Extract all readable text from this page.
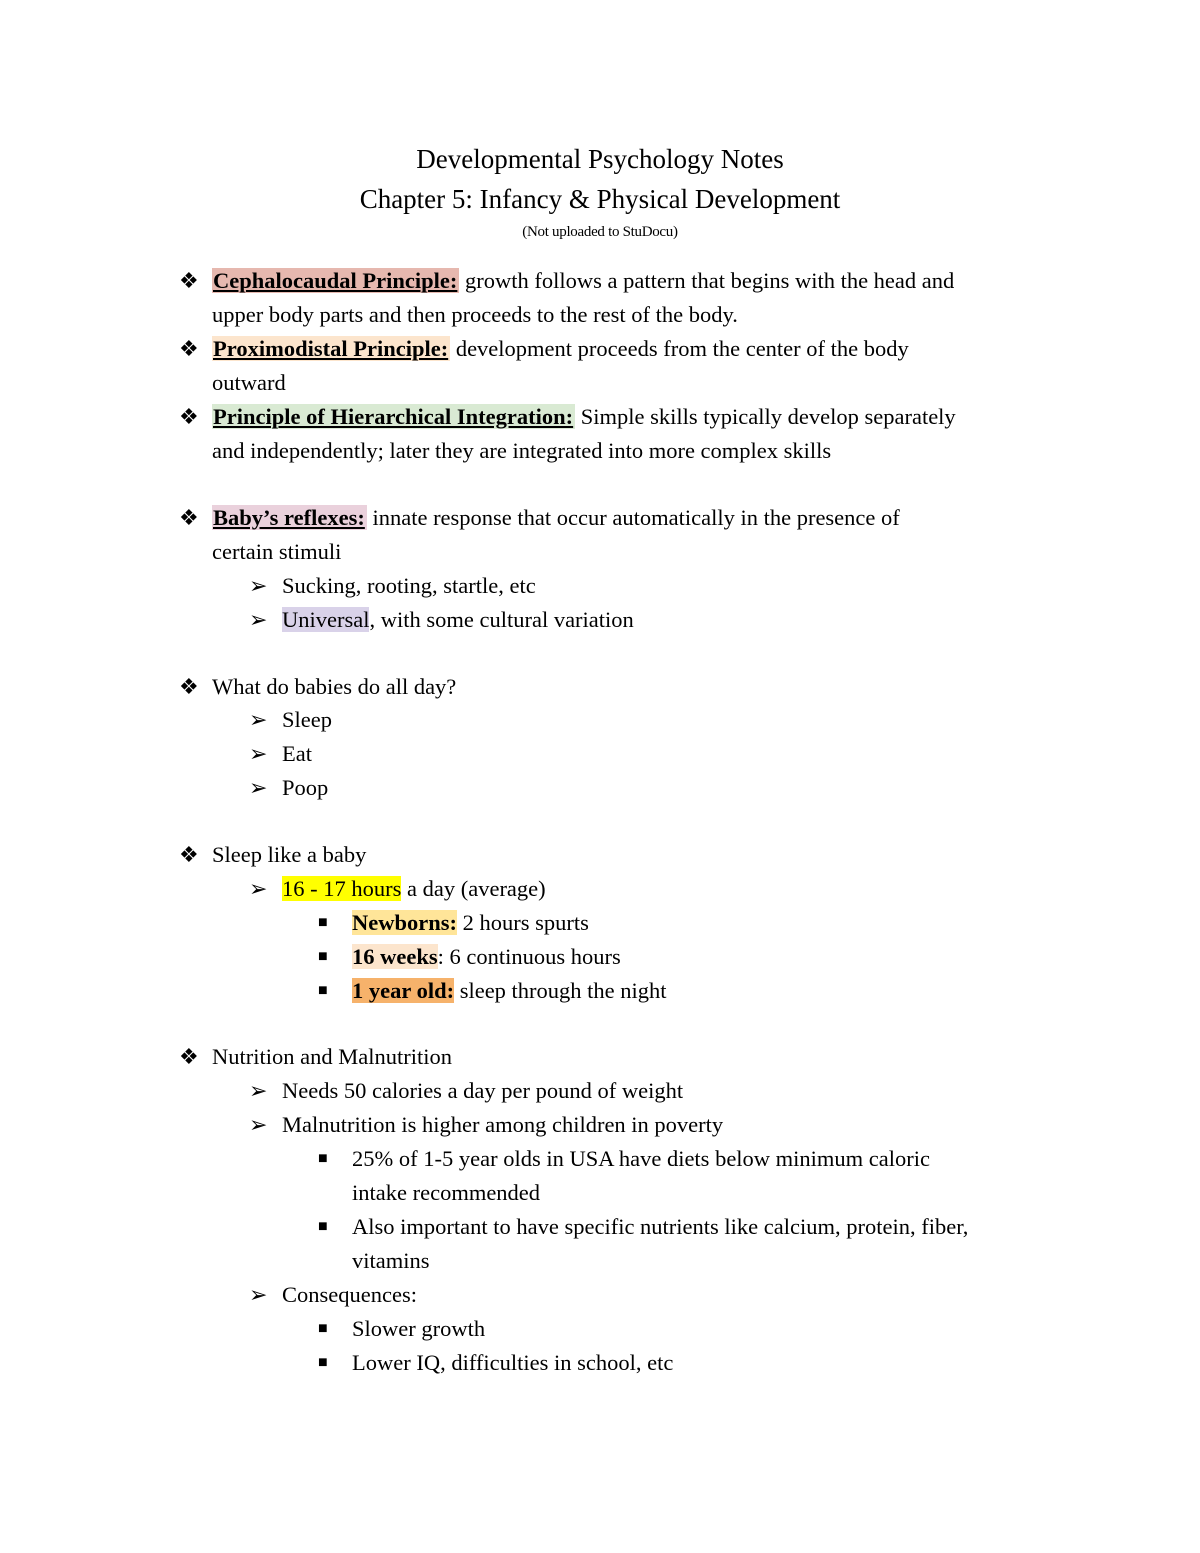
Developmental Psychology Notes
Chapter 5: Infancy & Physical Development
(Not uploaded to StuDocu)
❖ Cephalocaudal Principle: growth follows a pattern that begins with the head and
upper body parts and then proceeds to the rest of the body.
❖ Proximodistal Principle: development proceeds from the center of the body
outward
❖ Principle of Hierarchical Integration: Simple skills typically develop separately
and independently; later they are integrated into more complex skills
❖ Baby’s reflexes: innate response that occur automatically in the presence of
certain stimuli
➢ Sucking, rooting, startle, etc
➢ Universal, with some cultural variation
❖ What do babies do all day?
➢ Sleep
➢ Eat
➢ Poop
❖ Sleep like a baby
➢ 16 - 17 hours a day (average)
■ Newborns: 2 hours spurts
■ 16 weeks: 6 continuous hours
■ 1 year old: sleep through the night
❖ Nutrition and Malnutrition
➢ Needs 50 calories a day per pound of weight
➢ Malnutrition is higher among children in poverty
■ 25% of 1-5 year olds in USA have diets below minimum caloric
intake recommended
■ Also important to have specific nutrients like calcium, protein, fiber,
vitamins
➢ Consequences:
■ Slower growth
■ Lower IQ, difficulties in school, etc
